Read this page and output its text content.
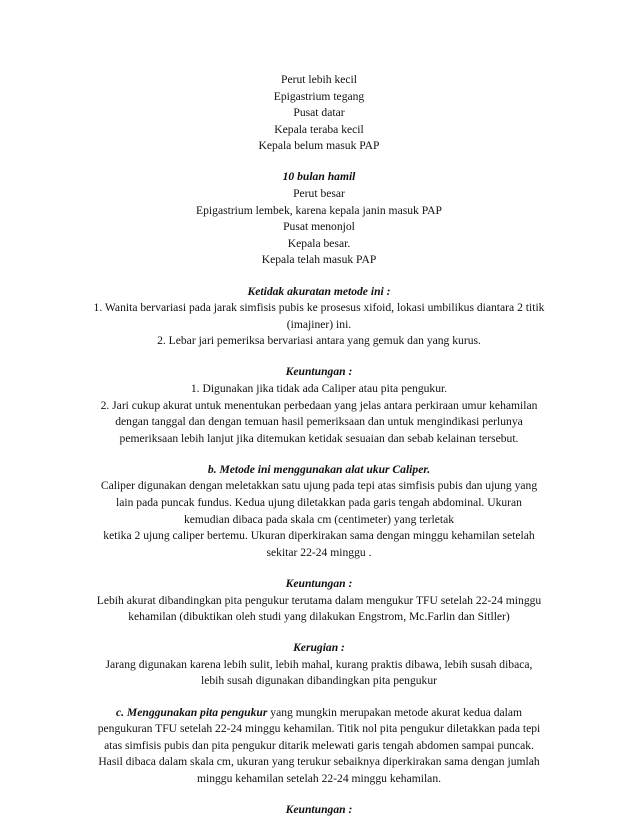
Perut lebih kecil
Epigastrium tegang
Pusat datar
Kepala teraba kecil
Kepala belum masuk PAP
10 bulan hamil
Perut besar
Epigastrium lembek, karena kepala janin masuk PAP
Pusat menonjol
Kepala besar.
Kepala telah masuk PAP
Ketidak akuratan metode ini :
1. Wanita bervariasi pada jarak simfisis pubis ke prosesus xifoid, lokasi umbilikus diantara 2 titik
(imajiner) ini.
2. Lebar jari pemeriksa bervariasi antara yang gemuk dan yang kurus.
Keuntungan :
1. Digunakan jika tidak ada Caliper atau pita pengukur.
2. Jari cukup akurat untuk menentukan perbedaan yang jelas antara perkiraan umur kehamilan
dengan tanggal dan dengan temuan hasil pemeriksaan dan untuk mengindikasi perlunya
pemeriksaan lebih lanjut jika ditemukan ketidak sesuaian dan sebab kelainan tersebut.
b. Metode ini menggunakan alat ukur Caliper.
Caliper digunakan dengan meletakkan satu ujung pada tepi atas simfisis pubis dan ujung yang
lain pada puncak fundus. Kedua ujung diletakkan pada garis tengah abdominal. Ukuran
kemudian dibaca pada skala cm (centimeter) yang terletak
ketika 2 ujung caliper bertemu. Ukuran diperkirakan sama dengan minggu kehamilan setelah
sekitar 22-24 minggu .
Keuntungan :
Lebih akurat dibandingkan pita pengukur terutama dalam mengukur TFU setelah 22-24 minggu
kehamilan (dibuktikan oleh studi yang dilakukan Engstrom, Mc.Farlin dan Sitller)
Kerugian :
Jarang digunakan karena lebih sulit, lebih mahal, kurang praktis dibawa, lebih susah dibaca,
lebih susah digunakan dibandingkan pita pengukur
c. Menggunakan pita pengukur yang mungkin merupakan metode akurat kedua dalam
pengukuran TFU setelah 22-24 minggu kehamilan. Titik nol pita pengukur diletakkan pada tepi
atas simfisis pubis dan pita pengukur ditarik melewati garis tengah abdomen sampai puncak.
Hasil dibaca dalam skala cm, ukuran yang terukur sebaiknya diperkirakan sama dengan jumlah
minggu kehamilan setelah 22-24 minggu kehamilan.
Keuntungan :
